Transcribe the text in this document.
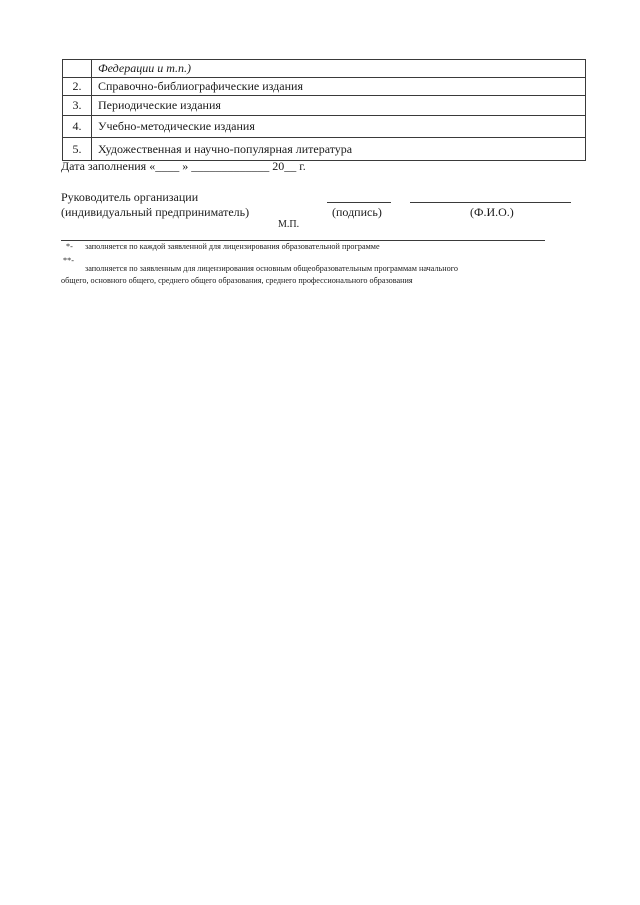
	Федерации и т.п.)
2.	Справочно-библиографические издания
3.	Периодические издания
4.	Учебно-методические издания
5.	Художественная и научно-популярная литература
Дата заполнения «____ » _____________ 20__ г.
Руководитель организации
(индивидуальный предприниматель)	(подпись)	(Ф.И.О.)
М.П.
*- заполняется по каждой заявленной для лицензирования образовательной программе
**-
заполняется по заявленным для лицензирования основным общеобразовательным программам начального
общего, основного общего, среднего общего образования, среднего профессионального образования
